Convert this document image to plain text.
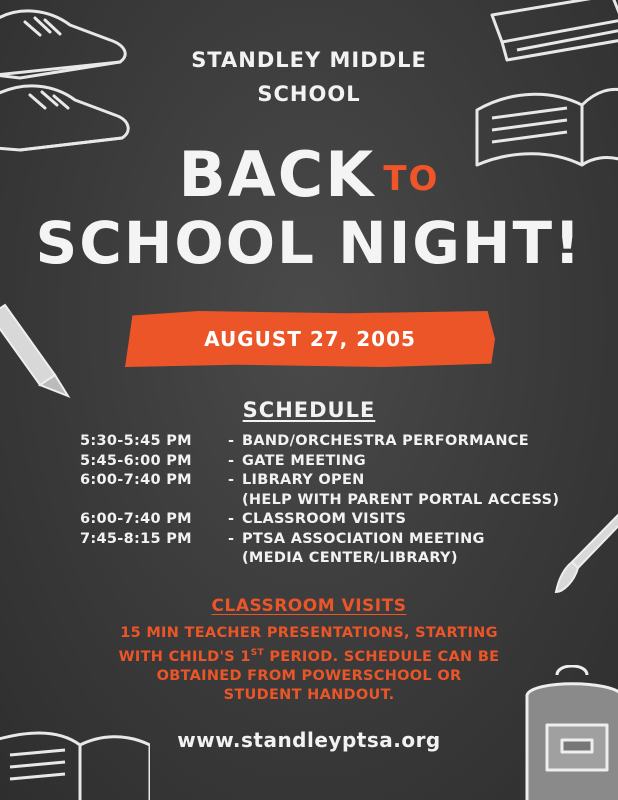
STANDLEY MIDDLE
SCHOOL
BACK TO
SCHOOL NIGHT!
AUGUST 27, 2005
SCHEDULE
5:30-5:45 PM	- BAND/ORCHESTRA PERFORMANCE
5:45-6:00 PM	- GATE MEETING
6:00-7:40 PM	- LIBRARY OPEN
(HELP WITH PARENT PORTAL ACCESS)
6:00-7:40 PM	- CLASSROOM VISITS
7:45-8:15 PM	- PTSA ASSOCIATION MEETING
(MEDIA CENTER/LIBRARY)
CLASSROOM VISITS
15 MIN TEACHER PRESENTATIONS, STARTING
WITH CHILD'S 1ST PERIOD. SCHEDULE CAN BE
OBTAINED FROM POWERSCHOOL OR
STUDENT HANDOUT.
www.standleyptsa.org
